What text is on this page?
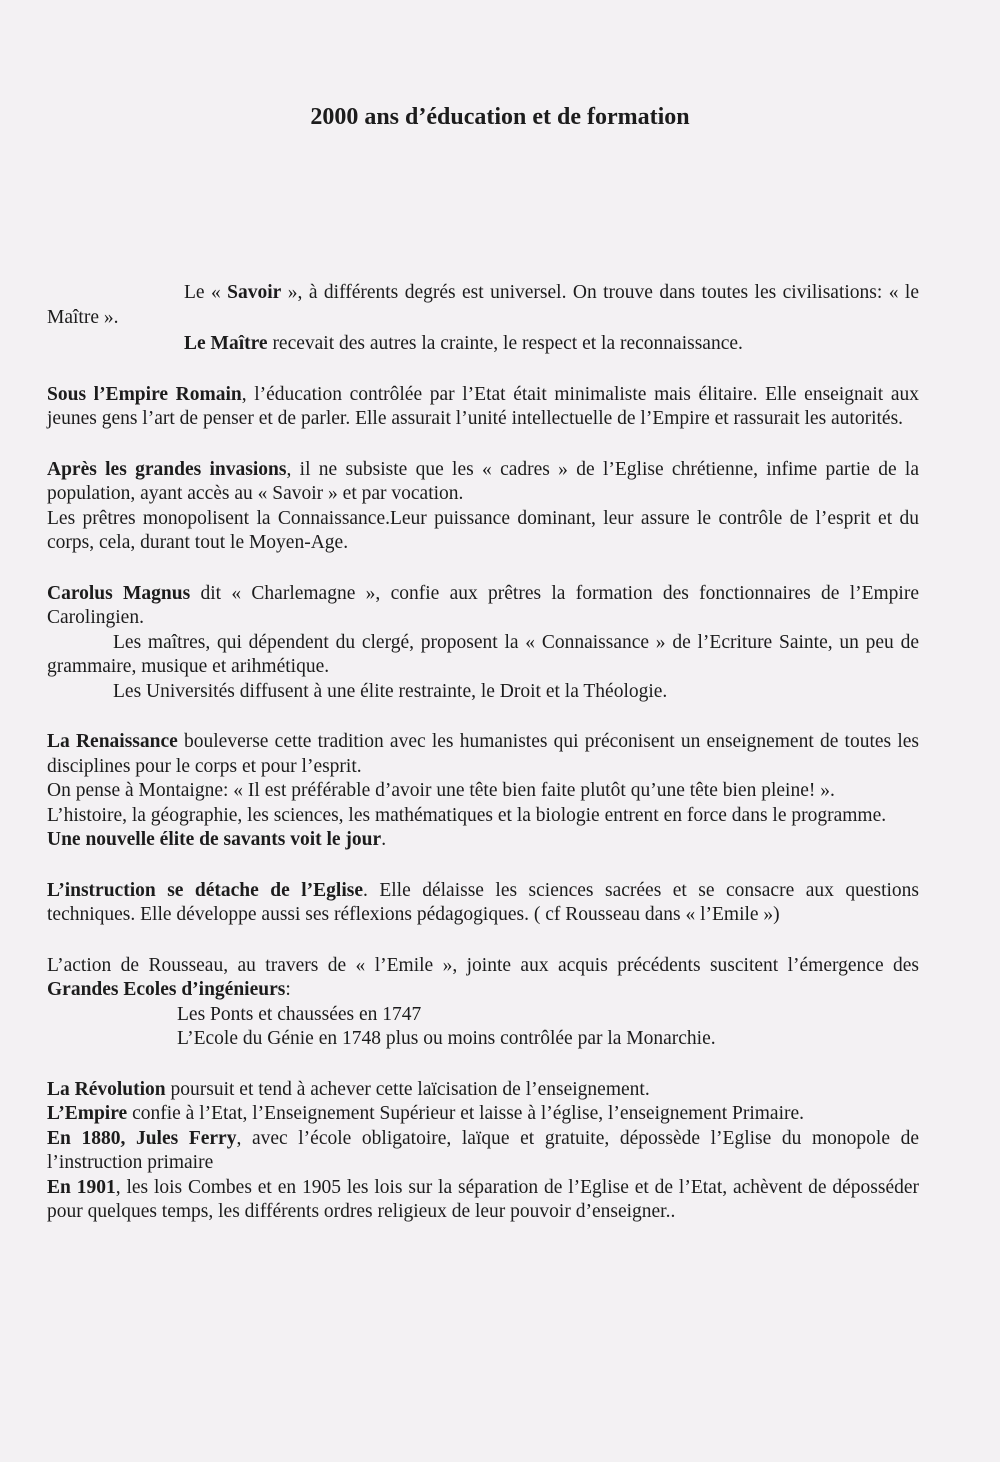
2000 ans d’éducation et de formation

Le « Savoir », à différents degrés est universel. On trouve dans toutes les civilisations: « le Maître ».

Le Maître recevait des autres la crainte, le respect et la reconnaissance.

Sous l’Empire Romain, l’éducation contrôlée par l’Etat était minimaliste mais élitaire. Elle enseignait aux jeunes gens l’art de penser et de parler. Elle assurait l’unité intellectuelle de l’Empire et rassurait les autorités.

Après les grandes invasions, il ne subsiste que les « cadres » de l’Eglise chrétienne, infime partie de la population, ayant accès au « Savoir » et par vocation.

Les prêtres monopolisent la Connaissance.Leur puissance dominant, leur assure le contrôle de l’esprit et du corps, cela, durant tout le Moyen-Age.

Carolus Magnus dit « Charlemagne », confie aux prêtres la formation des fonctionnaires de l’Empire Carolingien.

Les maîtres, qui dépendent du clergé, proposent la « Connaissance » de l’Ecriture Sainte, un peu de grammaire, musique et arihmétique.

Les Universités diffusent à une élite restrainte, le Droit et la Théologie.

La Renaissance bouleverse cette tradition avec les humanistes qui préconisent un enseignement de toutes les disciplines pour le corps et pour l’esprit.

On pense à Montaigne: « Il est préférable d’avoir une tête bien faite plutôt qu’une tête bien pleine! ».

L’histoire, la géographie, les sciences, les mathématiques et la biologie entrent en force dans le programme.

Une nouvelle élite de savants voit le jour.

L’instruction se détache de l’Eglise. Elle délaisse les sciences sacrées et se consacre aux questions techniques. Elle développe aussi ses réflexions pédagogiques. ( cf Rousseau dans « l’Emile »)

L’action de Rousseau, au travers de « l’Emile », jointe aux acquis précédents suscitent l’émergence des Grandes Ecoles d’ingénieurs:

Les Ponts et chaussées en 1747

L’Ecole du Génie en 1748 plus ou moins contrôlée par la Monarchie.

La Révolution poursuit et tend à achever cette laïcisation de l’enseignement.

L’Empire confie à l’Etat, l’Enseignement Supérieur et laisse à l’église, l’enseignement Primaire.

En 1880, Jules Ferry, avec l’école obligatoire, laïque et gratuite, dépossède l’Eglise du monopole de l’instruction primaire

En 1901, les lois Combes et en 1905 les lois sur la séparation de l’Eglise et de l’Etat, achèvent de déposséder pour quelques temps, les différents ordres religieux de leur pouvoir d’enseigner..
